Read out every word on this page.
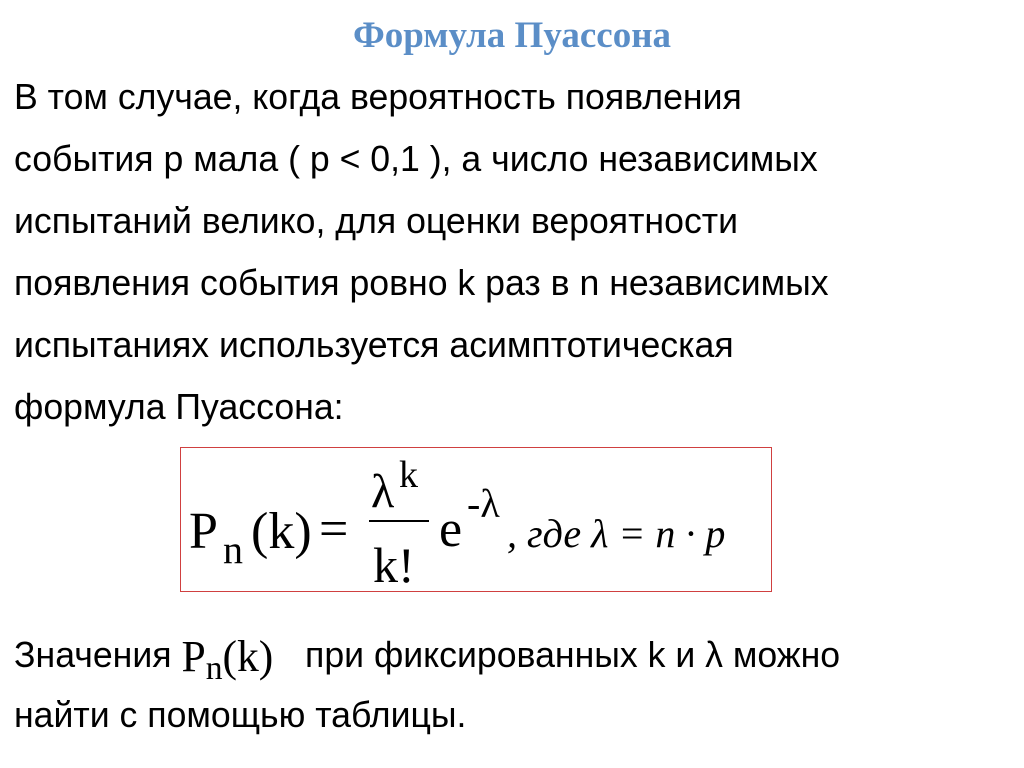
Формула Пуассона
В том случае, когда вероятность появления
события p мала ( p < 0,1 ), а число независимых
испытаний велико, для оценки вероятности
появления события ровно k раз в n независимых
испытаниях используется асимптотическая
формула Пуассона:
P n (k) =
λ k
k!
e -λ
, где λ = n · p
Значения $P_n(k)$ при фиксированных k и λ можно
найти с помощью таблицы.
